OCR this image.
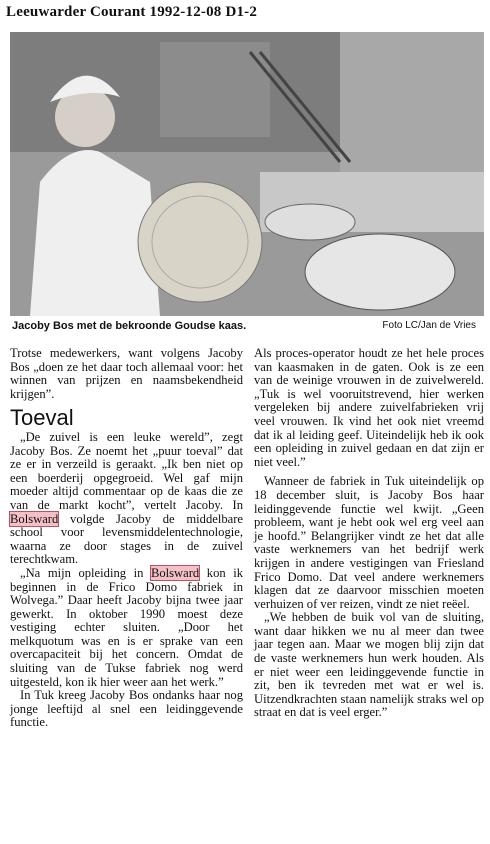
Leeuwarder Courant 1992-12-08 D1-2
Jacoby Bos met de bekroonde Goudse kaas.	Foto LC/Jan de Vries

Trotse medewerkers, want volgens Jacoby Bos „doen ze het daar toch allemaal voor: het winnen van prijzen en naamsbekendheid krijgen”.

Toeval

„De zuivel is een leuke wereld”, zegt Jacoby Bos. Ze noemt het „puur toeval” dat ze er in verzeild is geraakt. „Ik ben niet op een boerderij opgegroeid. Wel gaf mijn moeder altijd commentaar op de kaas die ze van de markt kocht”, vertelt Jacoby. In Bolsward volgde Jacoby de middelbare school voor levensmiddelentechnologie, waarna ze door stages in de zuivel terechtkwam.

„Na mijn opleiding in Bolsward kon ik beginnen in de Frico Domo fabriek in Wolvega.” Daar heeft Jacoby bijna twee jaar gewerkt. In oktober 1990 moest deze vestiging echter sluiten. „Door het melkquotum was en is er sprake van een overcapaciteit bij het concern. Omdat de sluiting van de Tukse fabriek nog werd uitgesteld, kon ik hier weer aan het werk.”

In Tuk kreeg Jacoby Bos ondanks haar nog jonge leeftijd al snel een leidinggevende functie.

Als proces-operator houdt ze het hele proces van kaasmaken in de gaten. Ook is ze een van de weinige vrouwen in de zuivelwereld. „Tuk is wel vooruitstrevend, hier werken vergeleken bij andere zuivelfabrieken vrij veel vrouwen. Ik vind het ook niet vreemd dat ik al leiding geef. Uiteindelijk heb ik ook een opleiding in zuivel gedaan en dat zijn er niet veel.”

Wanneer de fabriek in Tuk uiteindelijk op 18 december sluit, is Jacoby Bos haar leidinggevende functie wel kwijt. „Geen probleem, want je hebt ook wel erg veel aan je hoofd.” Belangrijker vindt ze het dat alle vaste werknemers van het bedrijf werk krijgen in andere vestigingen van Friesland Frico Domo. Dat veel andere werknemers klagen dat ze daarvoor misschien moeten verhuizen of ver reizen, vindt ze niet reëel.

„We hebben de buik vol van de sluiting, want daar hikken we nu al meer dan twee jaar tegen aan. Maar we mogen blij zijn dat de vaste werknemers hun werk houden. Als er niet weer een leidinggevende functie in zit, ben ik tevreden met wat er wel is. Uitzendkrachten staan namelijk straks wel op straat en dat is veel erger.”
